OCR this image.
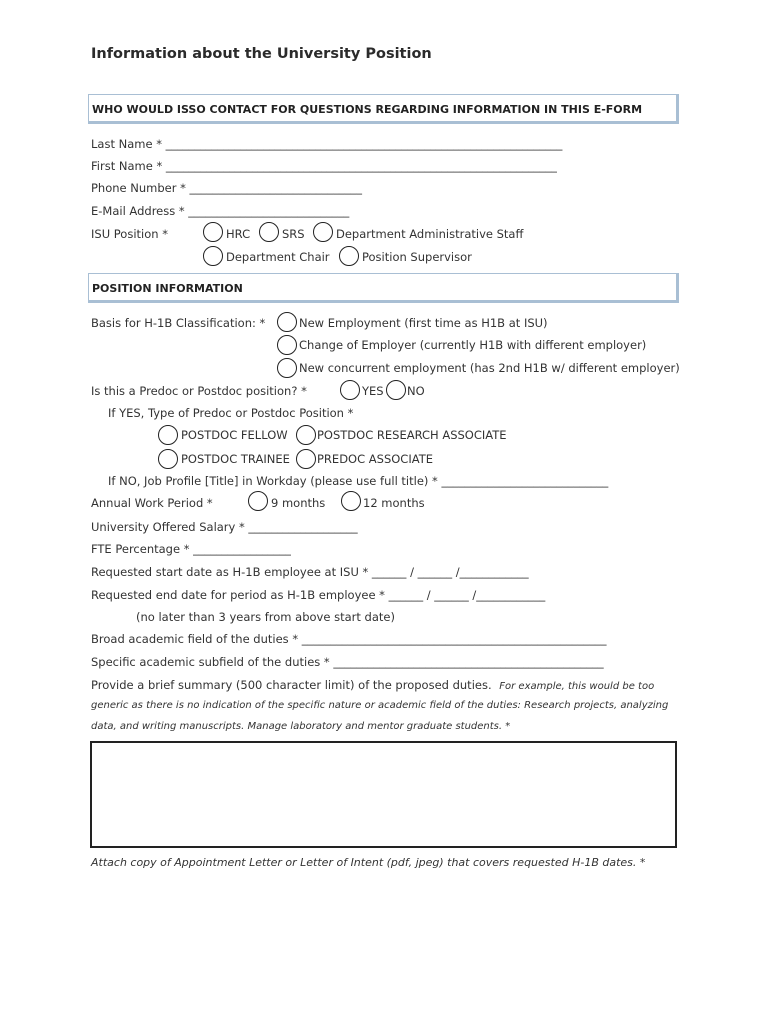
Information about the University Position
WHO WOULD ISSO CONTACT FOR QUESTIONS REGARDING INFORMATION IN THIS E-FORM
Last Name * _____________________________________________________________________
First Name * ____________________________________________________________________
Phone Number * ______________________________
E-Mail Address * ____________________________
ISU Position *	HRC	SRS	Department Administrative Staff
Department Chair	Position Supervisor
POSITION INFORMATION
Basis for H-1B Classification: *	New Employment (first time as H1B at ISU)
Change of Employer (currently H1B with different employer)
New concurrent employment (has 2nd H1B w/ different employer)
Is this a Predoc or Postdoc position? *	YES NO
If YES, Type of Predoc or Postdoc Position *
POSTDOC FELLOW	POSTDOC RESEARCH ASSOCIATE
POSTDOC TRAINEE PREDOC ASSOCIATE
If NO, Job Profile [Title] in Workday (please use full title) * _____________________________
Annual Work Period *	9 months	12 months
University Offered Salary * ___________________
FTE Percentage * _________________
Requested start date as H-1B employee at ISU * ______ / ______ /____________
Requested end date for period as H-1B employee * ______ / ______ /____________
(no later than 3 years from above start date)
Broad academic field of the duties * _____________________________________________________
Specific academic subfield of the duties * _______________________________________________
Provide a brief summary (500 character limit) of the proposed duties. For example, this would be too
generic as there is no indication of the specific nature or academic field of the duties: Research projects, analyzing
data, and writing manuscripts. Manage laboratory and mentor graduate students. *
Attach copy of Appointment Letter or Letter of Intent (pdf, jpeg) that covers requested H-1B dates. *
